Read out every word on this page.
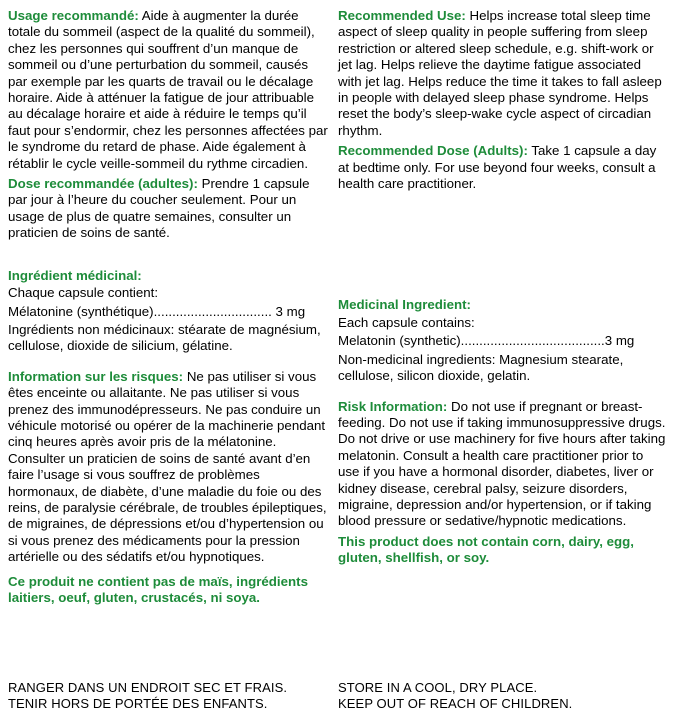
Usage recommandé: Aide à augmenter la durée totale du sommeil (aspect de la qualité du sommeil), chez les personnes qui souffrent d’un manque de sommeil ou d’une perturbation du sommeil, causés par exemple par les quarts de travail ou le décalage horaire. Aide à atténuer la fatigue de jour attribuable au décalage horaire et aide à réduire le temps qu’il faut pour s’endormir, chez les personnes affectées par le syndrome du retard de phase. Aide également à rétablir le cycle veille-sommeil du rythme circadien.

Dose recommandée (adultes): Prendre 1 capsule par jour à l’heure du coucher seulement. Pour un usage de plus de quatre semaines, consulter un praticien de soins de santé.

Ingrédient médicinal:

Chaque capsule contient:

Mélatonine (synthétique)................................ 3 mg

Ingrédients non médicinaux: stéarate de magnésium, cellulose, dioxide de silicium, gélatine.

Information sur les risques: Ne pas utiliser si vous êtes enceinte ou allaitante. Ne pas utiliser si vous prenez des immunodépresseurs. Ne pas conduire un véhicule motorisé ou opérer de la machinerie pendant cinq heures après avoir pris de la mélatonine. Consulter un praticien de soins de santé avant d’en faire l’usage si vous souffrez de problèmes hormonaux, de diabète, d’une maladie du foie ou des reins, de paralysie cérébrale, de troubles épileptiques, de migraines, de dépressions et/ou d’hypertension ou si vous prenez des médicaments pour la pression artérielle ou des sédatifs et/ou hypnotiques.

Ce produit ne contient pas de maïs, ingrédients laitiers, oeuf, gluten, crustacés, ni soya.

Recommended Use: Helps increase total sleep time aspect of sleep quality in people suffering from sleep restriction or altered sleep schedule, e.g. shift-work or jet lag. Helps relieve the daytime fatigue associated with jet lag. Helps reduce the time it takes to fall asleep in people with delayed sleep phase syndrome. Helps reset the body’s sleep-wake cycle aspect of circadian rhythm.

Recommended Dose (Adults): Take 1 capsule a day at bedtime only. For use beyond four weeks, consult a health care practitioner.

Medicinal Ingredient:

Each capsule contains:

Melatonin (synthetic).......................................3 mg

Non-medicinal ingredients: Magnesium stearate, cellulose, silicon dioxide, gelatin.

Risk Information: Do not use if pregnant or breast-feeding. Do not use if taking immunosuppressive drugs. Do not drive or use machinery for five hours after taking melatonin. Consult a health care practitioner prior to use if you have a hormonal disorder, diabetes, liver or kidney disease, cerebral palsy, seizure disorders, migraine, depression and/or hypertension, or if taking blood pressure or sedative/hypnotic medications.

This product does not contain corn, dairy, egg, gluten, shellfish, or soy.

RANGER DANS UN ENDROIT SEC ET FRAIS.

TENIR HORS DE PORTÉE DES ENFANTS.

STORE IN A COOL, DRY PLACE.

KEEP OUT OF REACH OF CHILDREN.
